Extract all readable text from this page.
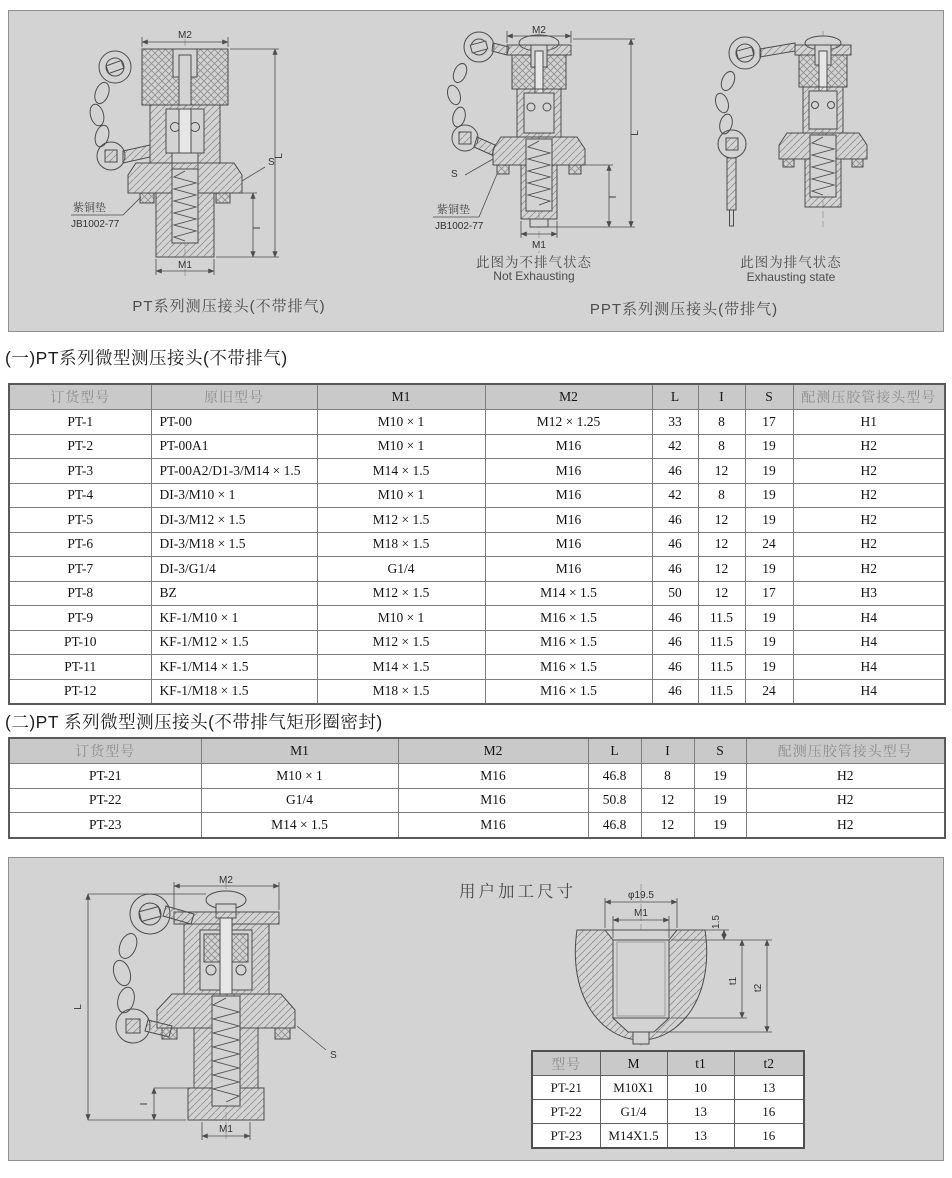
M2
L
I
S
M1
紫铜垫
JB1002-77
PT系列测压接头(不带排气)
M2
L
I
S
M1
紫铜垫
JB1002-77
此图为不排气状态
Not Exhausting
此图为排气状态
Exhausting state
PPT系列测压接头(带排气)
(一)PT系列微型测压接头(不带排气)
订货型号	原旧型号	M1	M2	L	I	S	配测压胶管接头型号
PT-1	PT-00	M10 × 1	M12 × 1.25	33	8	17	H1
PT-2	PT-00A1	M10 × 1	M16	42	8	19	H2
PT-3	PT-00A2/D1-3/M14 × 1.5	M14 × 1.5	M16	46	12	19	H2
PT-4	DI-3/M10 × 1	M10 × 1	M16	42	8	19	H2
PT-5	DI-3/M12 × 1.5	M12 × 1.5	M16	46	12	19	H2
PT-6	DI-3/M18 × 1.5	M18 × 1.5	M16	46	12	24	H2
PT-7	DI-3/G1/4	G1/4	M16	46	12	19	H2
PT-8	BZ	M12 × 1.5	M14 × 1.5	50	12	17	H3
PT-9	KF-1/M10 × 1	M10 × 1	M16 × 1.5	46	11.5	19	H4
PT-10	KF-1/M12 × 1.5	M12 × 1.5	M16 × 1.5	46	11.5	19	H4
PT-11	KF-1/M14 × 1.5	M14 × 1.5	M16 × 1.5	46	11.5	19	H4
PT-12	KF-1/M18 × 1.5	M18 × 1.5	M16 × 1.5	46	11.5	24	H4
(二)PT 系列微型测压接头(不带排气矩形圈密封)
订货型号	M1	M2	L	I	S	配测压胶管接头型号
PT-21	M10 × 1	M16	46.8	8	19	H2
PT-22	G1/4	M16	50.8	12	19	H2
PT-23	M14 × 1.5	M16	46.8	12	19	H2
M2
L
I
S
M1
用户加工尺寸	φ19.5
M1
1.5
t1
t2
型号	M	t1	t2
PT-21	M10X1	10	13
PT-22	G1/4	13	16
PT-23	M14X1.5	13	16
